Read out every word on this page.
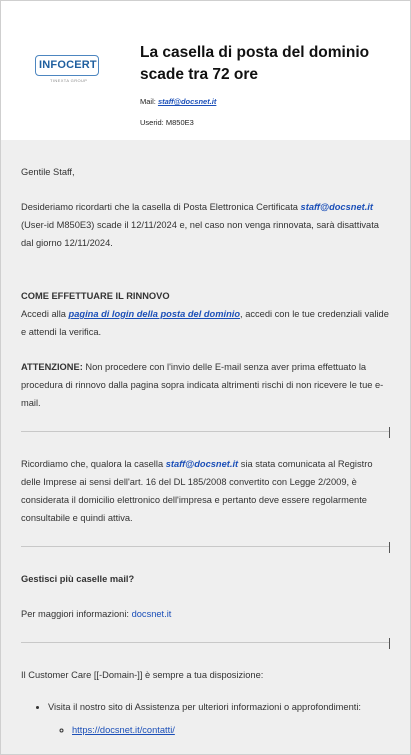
INFOCERT
TINEXTA GROUP
La casella di posta del dominio scade tra 72 ore
Mail: staff@docsnet.it
Userid: M850E3

Gentile Staff,

Desideriamo ricordarti che la casella di Posta Elettronica Certificata staff@docsnet.it (User-id M850E3) scade il 12/11/2024 e, nel caso non venga rinnovata, sarà disattivata dal giorno 12/11/2024.

COME EFFETTUARE IL RINNOVO
Accedi alla pagina di login della posta del dominio, accedi con le tue credenziali valide e attendi la verifica.

ATTENZIONE: Non procedere con l'invio delle E-mail senza aver prima effettuato la procedura di rinnovo dalla pagina sopra indicata altrimenti rischi di non ricevere le tue e-mail.

Ricordiamo che, qualora la casella staff@docsnet.it sia stata comunicata al Registro delle Imprese ai sensi dell'art. 16 del DL 185/2008 convertito con Legge 2/2009, è considerata il domicilio elettronico dell'impresa e pertanto deve essere regolarmente consultabile e quindi attiva.

Gestisci più caselle mail?

Per maggiori informazioni: docsnet.it

Il Customer Care [[-Domain-]] è sempre a tua disposizione:

• Visita il nostro sito di Assistenza per ulteriori informazioni o approfondimenti:
◦ https://docsnet.it/contatti/
